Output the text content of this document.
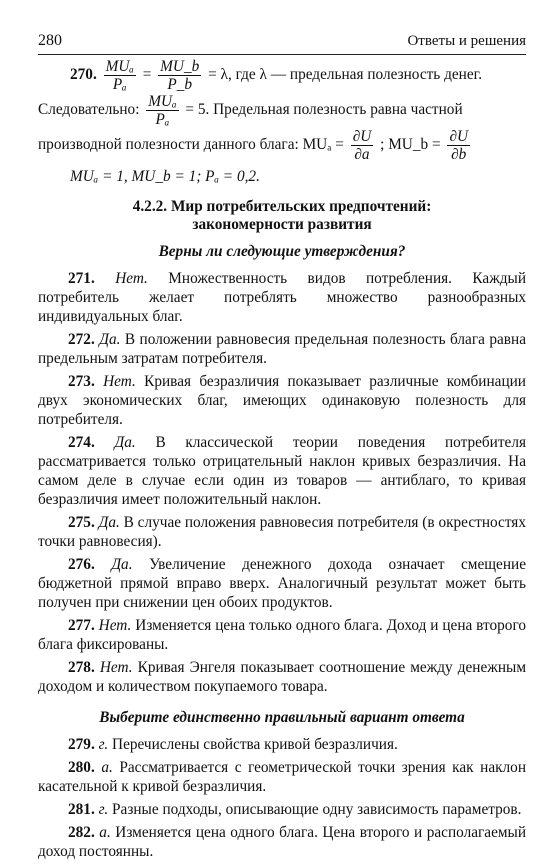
280	Ответы и решения
270. $\frac{\text{MUₐ}}{\text{Pₐ}} = \frac{MU\_b}{P\_b} = \lambda$, где λ — предельная полезность денег.
Следовательно: $\frac{\text{MUₐ}}{\text{Pₐ}} = 5$. Предельная полезность равна частной
производной полезности данного блага: $MU_a = \frac{\partial U}{\partial a}$ ; MU_b = $\frac{\partial U}{\partial b}$
MUₐ = 1, MU_b = 1; Pₐ = 0,2.
4.2.2. Мир потребительских предпочтений:
закономерности развития
Верны ли следующие утверждения?

271. Нет. Множественность видов потребления. Каждый потребитель желает потреблять множество разнообразных индивидуальных благ.

272. Да. В положении равновесия предельная полезность блага равна предельным затратам потребителя.

273. Нет. Кривая безразличия показывает различные комбинации двух экономических благ, имеющих одинаковую полезность для потребителя.

274. Да. В классической теории поведения потребителя рассматривается только отрицательный наклон кривых безразличия. На самом деле в случае если один из товаров — антиблаго, то кривая безразличия имеет положительный наклон.

275. Да. В случае положения равновесия потребителя (в окрестностях точки равновесия).

276. Да. Увеличение денежного дохода означает смещение бюджетной прямой вправо вверх. Аналогичный результат может быть получен при снижении цен обоих продуктов.

277. Нет. Изменяется цена только одного блага. Доход и цена второго блага фиксированы.

278. Нет. Кривая Энгеля показывает соотношение между денежным доходом и количеством покупаемого товара.

Выберите единственно правильный вариант ответа

279. г. Перечислены свойства кривой безразличия.

280. а. Рассматривается с геометрической точки зрения как наклон касательной к кривой безразличия.

281. г. Разные подходы, описывающие одну зависимость параметров.

282. а. Изменяется цена одного блага. Цена второго и располагаемый доход постоянны.
